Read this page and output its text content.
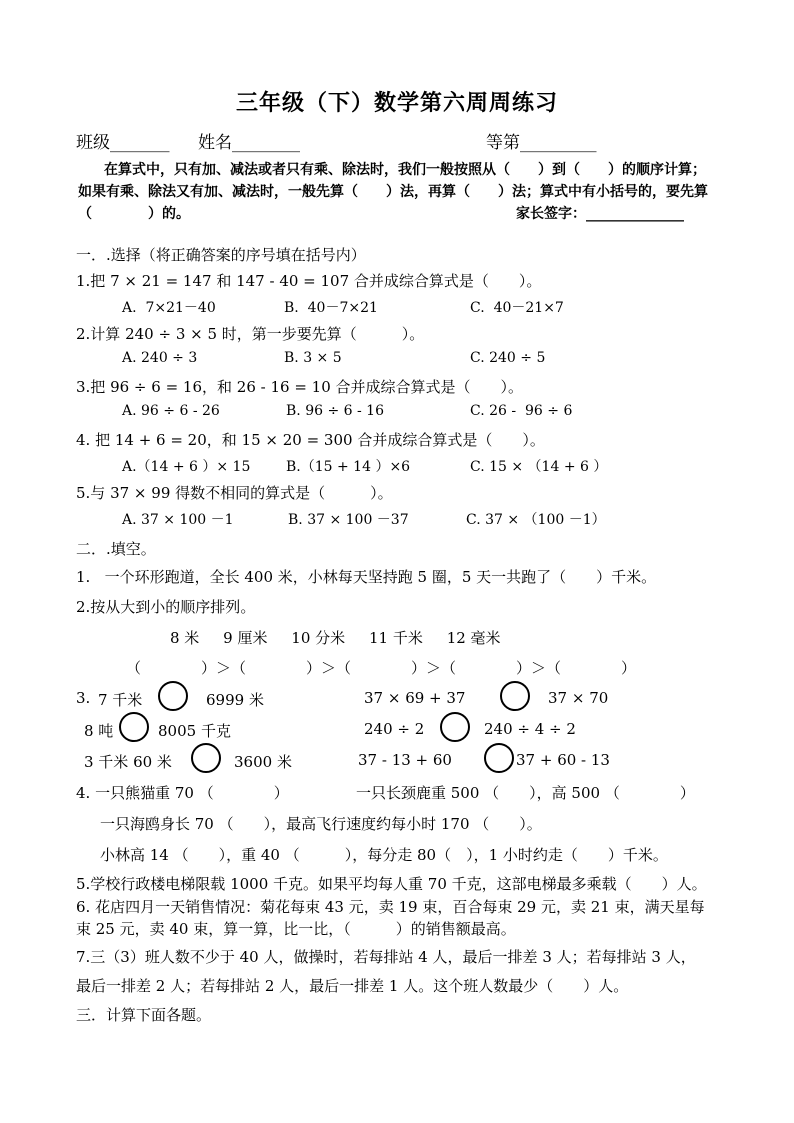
三年级（下）数学第六周周练习
班级_______ 姓名________	等第_________
在算式中，只有加、减法或者只有乘、除法时，我们一般按照从（　　）到（　　）的顺序计算；
如果有乘、除法又有加、减法时，一般先算（　　）法，再算（　　）法；算式中有小括号的，要先算
（　　　　）的。	家长签字：______________
一．.选择（将正确答案的序号填在括号内）
1.把 7 × 21 = 147 和 147 - 40 = 107 合并成综合算式是（　　）。
A.  7×21－40	B.  40－7×21	C.  40－21×7
2.计算 240 ÷ 3 × 5 时，第一步要先算（　　　）。
A. 240 ÷ 3	B. 3 × 5	C. 240 ÷ 5
3.把 96 ÷ 6 = 16，和 26 - 16 = 10 合并成综合算式是（　　）。
A. 96 ÷ 6 - 26	B. 96 ÷ 6 - 16	C. 26 -  96 ÷ 6
4. 把 14 + 6 = 20，和 15 × 20 = 300 合并成综合算式是（　　）。
A.（14 + 6 ）× 15	B.（15 + 14 ）×6	C. 15 × （14 + 6 ）
5.与 37 × 99 得数不相同的算式是（　　　）。
A. 37 × 100 －1	B. 37 × 100 －37	C. 37 × （100 －1）
二．.填空。
1.   一个环形跑道，全长 400 米，小林每天坚持跑 5 圈，5 天一共跑了（　　）千米。
2.按从大到小的顺序排列。
8 米     9 厘米     10 分米     11 千米     12 毫米
（　　　　）＞（　　　　）＞（　　　　）＞（　　　　）＞（　　　　）
3. 7 千米	6999 米	37 × 69 + 37	37 × 70
8 吨	8005 千克	240 ÷ 2	240 ÷ 4 ÷ 2
3 千米 60 米	3600 米	37 - 13 + 60	37 + 60 - 13
4. 一只熊猫重 70 （　　　　）	一只长颈鹿重 500 （　　），高 500 （　　　　）
一只海鸥身长 70 （　　），最高飞行速度约每小时 170 （　　）。
小林高 14 （　　），重 40 （　　　），每分走 80（　），1 小时约走（　　）千米。
5.学校行政楼电梯限载 1000 千克。如果平均每人重 70 千克，这部电梯最多乘载（　　）人。
6. 花店四月一天销售情况：菊花每束 43 元，卖 19 束，百合每束 29 元，卖 21 束，满天星每
束 25 元，卖 40 束，算一算，比一比，（　　　）的销售额最高。
7.三（3）班人数不少于 40 人，做操时，若每排站 4 人，最后一排差 3 人；若每排站 3 人，
最后一排差 2 人；若每排站 2 人，最后一排差 1 人。这个班人数最少（　　）人。
三．计算下面各题。
